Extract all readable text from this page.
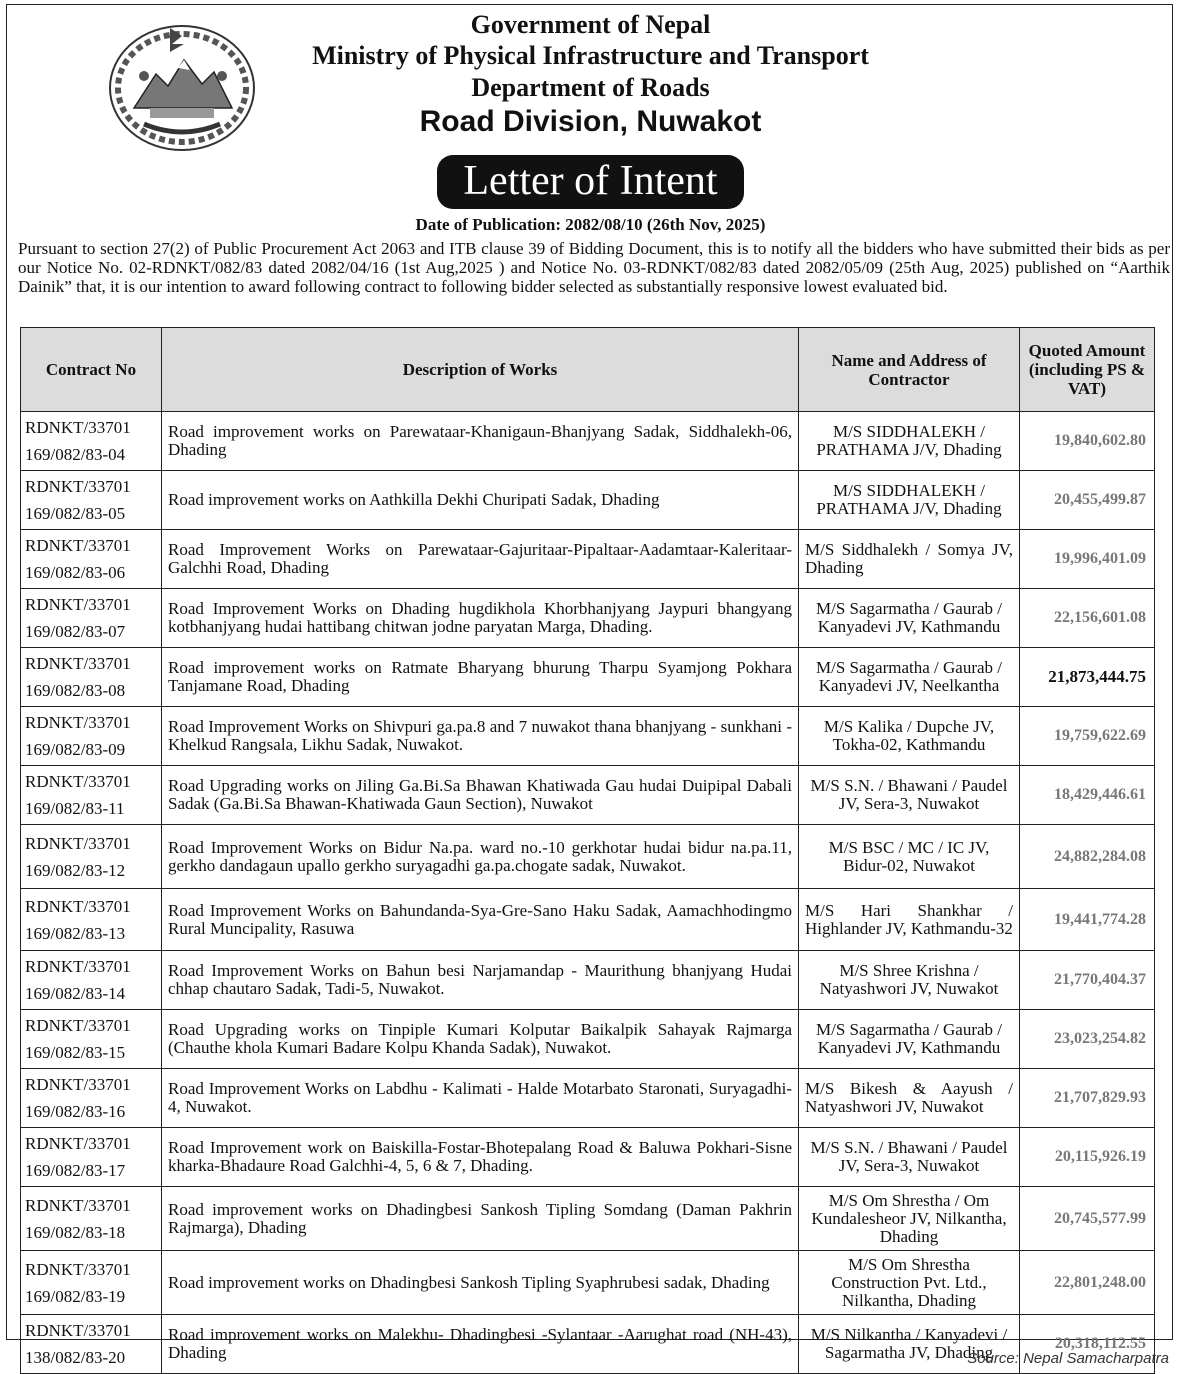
Government of Nepal
Ministry of Physical Infrastructure and Transport
Department of Roads
Road Division, Nuwakot
Letter of Intent
Date of Publication: 2082/08/10 (26th Nov, 2025)
Pursuant to section 27(2) of Public Procurement Act 2063 and ITB clause 39 of Bidding Document, this is to notify all the bidders who have submitted their bids as per our Notice No. 02-RDNKT/082/83 dated 2082/04/16 (1st Aug,2025 ) and Notice No. 03-RDNKT/082/83 dated 2082/05/09 (25th Aug, 2025) published on “Aarthik Dainik” that, it is our intention to award following contract to following bidder selected as substantially responsive lowest evaluated bid.
Contract No	Description of Works	Name and Address of Contractor	Quoted Amount (including PS & VAT)

RDNKT/33701
169/082/83-04	Road improvement works on Parewataar-Khanigaun-Bhanjyang Sadak, Siddhalekh-06, Dhading	M/S SIDDHALEKH / PRATHAMA J/V, Dhading	19,840,602.80

RDNKT/33701
169/082/83-05	Road improvement works on Aathkilla Dekhi Churipati Sadak, Dhading	M/S SIDDHALEKH / PRATHAMA J/V, Dhading	20,455,499.87

RDNKT/33701
169/082/83-06	Road Improvement Works on Parewataar-Gajuritaar-Pipaltaar-Aadamtaar-Kaleritaar-Galchhi Road, Dhading	M/S Siddhalekh / Somya JV, Dhading	19,996,401.09

RDNKT/33701
169/082/83-07	Road Improvement Works on Dhading hugdikhola Khorbhanjyang Jaypuri bhangyang kotbhanjyang hudai hattibang chitwan jodne paryatan Marga, Dhading.	M/S Sagarmatha / Gaurab / Kanyadevi JV, Kathmandu	22,156,601.08

RDNKT/33701
169/082/83-08	Road improvement works on Ratmate Bharyang bhurung Tharpu Syamjong Pokhara Tanjamane Road, Dhading	M/S Sagarmatha / Gaurab / Kanyadevi JV, Neelkantha	21,873,444.75

RDNKT/33701
169/082/83-09	Road Improvement Works on Shivpuri ga.pa.8 and 7 nuwakot thana bhanjyang - sunkhani - Khelkud Rangsala, Likhu Sadak, Nuwakot.	M/S Kalika / Dupche JV, Tokha-02, Kathmandu	19,759,622.69

RDNKT/33701
169/082/83-11	Road Upgrading works on Jiling Ga.Bi.Sa Bhawan Khatiwada Gau hudai Duipipal Dabali Sadak (Ga.Bi.Sa Bhawan-Khatiwada Gaun Section), Nuwakot	M/S S.N. / Bhawani / Paudel JV, Sera-3, Nuwakot	18,429,446.61

RDNKT/33701
169/082/83-12	Road Improvement Works on Bidur Na.pa. ward no.-10 gerkhotar hudai bidur na.pa.11, gerkho dandagaun upallo gerkho suryagadhi ga.pa.chogate sadak, Nuwakot.	M/S BSC / MC / IC JV, Bidur-02, Nuwakot	24,882,284.08

RDNKT/33701
169/082/83-13	Road Improvement Works on Bahundanda-Sya-Gre-Sano Haku Sadak, Aamachhodingmo Rural Muncipality, Rasuwa	M/S Hari Shankhar / Highlander JV, Kathmandu-32	19,441,774.28

RDNKT/33701
169/082/83-14	Road Improvement Works on Bahun besi Narjamandap - Maurithung bhanjyang Hudai chhap chautaro Sadak, Tadi-5, Nuwakot.	M/S Shree Krishna / Natyashwori JV, Nuwakot	21,770,404.37

RDNKT/33701
169/082/83-15	Road Upgrading works on Tinpiple Kumari Kolputar Baikalpik Sahayak Rajmarga (Chauthe khola Kumari Badare Kolpu Khanda Sadak), Nuwakot.	M/S Sagarmatha / Gaurab / Kanyadevi JV, Kathmandu	23,023,254.82

RDNKT/33701
169/082/83-16	Road Improvement Works on Labdhu - Kalimati - Halde Motarbato Staronati, Suryagadhi-4, Nuwakot.	M/S Bikesh & Aayush / Natyashwori JV, Nuwakot	21,707,829.93

RDNKT/33701
169/082/83-17	Road Improvement work on Baiskilla-Fostar-Bhotepalang Road & Baluwa Pokhari-Sisne kharka-Bhadaure Road Galchhi-4, 5, 6 & 7, Dhading.	M/S S.N. / Bhawani / Paudel JV, Sera-3, Nuwakot	20,115,926.19

RDNKT/33701
169/082/83-18	Road improvement works on Dhadingbesi Sankosh Tipling Somdang (Daman Pakhrin Rajmarga), Dhading	M/S Om Shrestha / Om Kundalesheor JV, Nilkantha, Dhading	20,745,577.99

RDNKT/33701
169/082/83-19	Road improvement works on Dhadingbesi Sankosh Tipling Syaphrubesi sadak, Dhading	M/S Om Shrestha Construction Pvt. Ltd., Nilkantha, Dhading	22,801,248.00

RDNKT/33701
138/082/83-20	Road improvement works on Malekhu- Dhadingbesi -Sylantaar -Aarughat road (NH-43), Dhading	M/S Nilkantha / Kanyadevi / Sagarmatha JV, Dhading	20,318,112.55
Source: Nepal Samacharpatra
